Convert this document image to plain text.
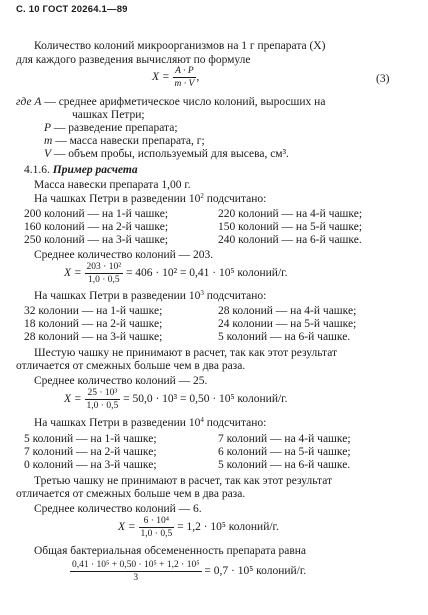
С. 10 ГОСТ 20264.1—89
Количество колоний микроорганизмов на 1 г препарата (X)
для каждого разведения вычисляют по формуле
$X = \frac{A \cdot P}{m \cdot V}$ ,	(3)
где A — среднее арифметическое число колоний, выросших на
чашках Петри;
P — разведение препарата;
m — масса навески препарата, г;
V — объем пробы, используемый для высева, см³.
4.1.6. Пример расчета
Масса навески препарата 1,00 г.
На чашках Петри в разведении $10^2$ подсчитано:
200 колоний — на 1-й чашке;
160 колоний — на 2-й чашке;
250 колоний — на 3-й чашке;
220 колоний — на 4-й чашке;
150 колоний — на 5-й чашке;
240 колоний — на 6-й чашке.
Среднее количество колоний — 203.
$X = \frac{\text{203 · 10²}}{1,0 \cdot 0,5} = 406 \cdot 10^2 = 0,41 \cdot 10^5$ колоний/г.
На чашках Петри в разведении $10^3$ подсчитано:
32 колонии — на 1-й чашке;
18 колоний — на 2-й чашке;
28 колоний — на 3-й чашке;
28 колоний — на 4-й чашке;
24 колонии — на 5-й чашке;
5 колоний — на 6-й чашке.
Шестую чашку не принимают в расчет, так как этот результат
отличается от смежных больше чем в два раза.
Среднее количество колоний — 25.
$X = \frac{\text{25 · 10³}}{1,0 \cdot 0,5} = 50,0 \cdot 10^3 = 0,50 \cdot 10^5$ колоний/г.
На чашках Петри в разведении $10^4$ подсчитано:
5 колоний — на 1-й чашке;
7 колоний — на 2-й чашке;
0 колоний — на 3-й чашке;
7 колоний — на 4-й чашке;
6 колоний — на 5-й чашке;
5 колоний — на 6-й чашке.
Третью чашку не принимают в расчет, так как этот результат
отличается от смежных больше чем в два раза.
Среднее количество колоний — 6.
$X = \frac{\text{6 · 10⁴}}{1,0 \cdot 0,5} = 1,2 \cdot 10^5$ колоний/г.
Общая бактериальная обсемененность препарата равна
$\frac{\text{0,41 · 10⁵ + 0,50 · 10⁵ + 1,2 · 10⁵}}{3} = 0,7 \cdot 10^5$ колоний/г.
